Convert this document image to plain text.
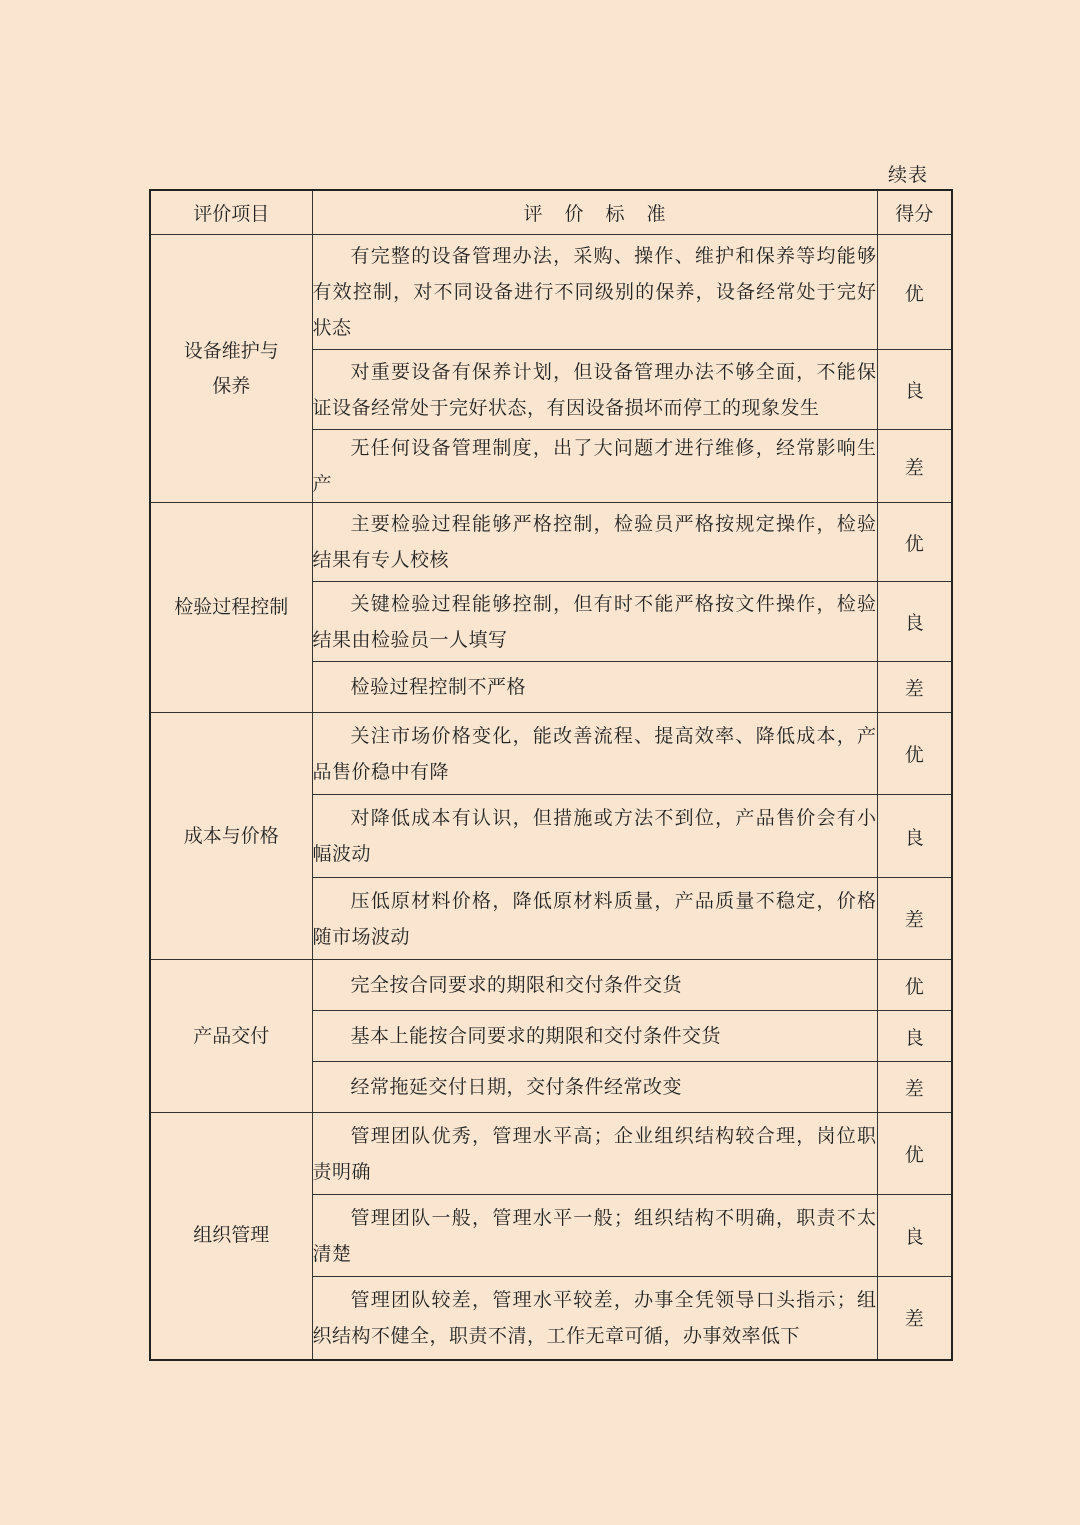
续表
评价项目	评价标准	得分
设备维护与保养	有完整的设备管理办法，采购、操作、维护和保养等均能够有效控制，对不同设备进行不同级别的保养，设备经常处于完好状态	优
	对重要设备有保养计划，但设备管理办法不够全面，不能保证设备经常处于完好状态，有因设备损坏而停工的现象发生	良
	无任何设备管理制度，出了大问题才进行维修，经常影响生产	差
检验过程控制	主要检验过程能够严格控制，检验员严格按规定操作，检验结果有专人校核	优
	关键检验过程能够控制，但有时不能严格按文件操作，检验结果由检验员一人填写	良
	检验过程控制不严格	差
成本与价格	关注市场价格变化，能改善流程、提高效率、降低成本，产品售价稳中有降	优
	对降低成本有认识，但措施或方法不到位，产品售价会有小幅波动	良
	压低原材料价格，降低原材料质量，产品质量不稳定，价格随市场波动	差
产品交付	完全按合同要求的期限和交付条件交货	优
	基本上能按合同要求的期限和交付条件交货	良
	经常拖延交付日期，交付条件经常改变	差
组织管理	管理团队优秀，管理水平高；企业组织结构较合理，岗位职责明确	优
	管理团队一般，管理水平一般；组织结构不明确，职责不太清楚	良
	管理团队较差，管理水平较差，办事全凭领导口头指示；组织结构不健全，职责不清，工作无章可循，办事效率低下	差
